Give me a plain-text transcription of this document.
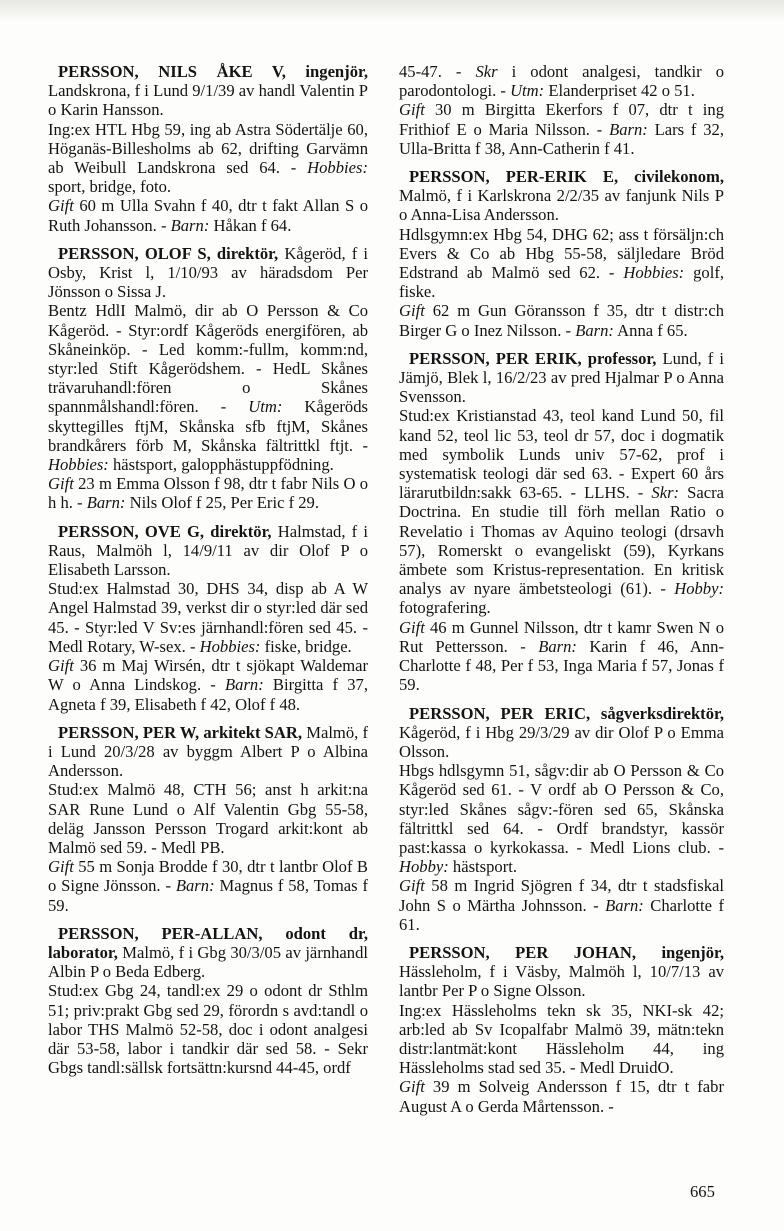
PERSSON, NILS ÅKE V, ingenjör, Landskrona, f i Lund 9/1/39 av handl Valentin P o Karin Hansson.
Ing:ex HTL Hbg 59, ing ab Astra Södertälje 60, Höganäs-Billesholms ab 62, drifting Garvämn ab Weibull Landskrona sed 64. - Hobbies: sport, bridge, foto.

Gift 60 m Ulla Svahn f 40, dtr t fakt Allan S o Ruth Johansson. - Barn: Håkan f 64.

PERSSON, OLOF S, direktör, Kågeröd, f i Osby, Krist l, 1/10/93 av häradsdom Per Jönsson o Sissa J.
Bentz HdlI Malmö, dir ab O Persson & Co Kågeröd. - Styr:ordf Kågeröds energifören, ab Skåneinköp. - Led komm:-fullm, komm:nd, styr:led Stift Kågerödshem. - HedL Skånes trävaruhandl:fören o Skånes spannmålshandl:fören. - Utm: Kågeröds skyttegilles ftjM, Skånska sfb ftjM, Skånes brandkårers förb M, Skånska fältrittkl ftjt. - Hobbies: hästsport, galopphästuppfödning.

Gift 23 m Emma Olsson f 98, dtr t fabr Nils O o h h. - Barn: Nils Olof f 25, Per Eric f 29.

PERSSON, OVE G, direktör, Halmstad, f i Raus, Malmöh l, 14/9/11 av dir Olof P o Elisabeth Larsson.
Stud:ex Halmstad 30, DHS 34, disp ab A W Angel Halmstad 39, verkst dir o styr:led där sed 45. - Styr:led V Sv:es järnhandl:fören sed 45. - Medl Rotary, W-sex. - Hobbies: fiske, bridge.

Gift 36 m Maj Wirsén, dtr t sjökapt Waldemar W o Anna Lindskog. - Barn: Birgitta f 37, Agneta f 39, Elisabeth f 42, Olof f 48.

PERSSON, PER W, arkitekt SAR, Malmö, f i Lund 20/3/28 av byggm Albert P o Albina Andersson.
Stud:ex Malmö 48, CTH 56; anst h arkit:na SAR Rune Lund o Alf Valentin Gbg 55-58, deläg Jansson Persson Trogard arkit:kont ab Malmö sed 59. - Medl PB.

Gift 55 m Sonja Brodde f 30, dtr t lantbr Olof B o Signe Jönsson. - Barn: Magnus f 58, Tomas f 59.

PERSSON, PER-ALLAN, odont dr, laborator, Malmö, f i Gbg 30/3/05 av järnhandl Albin P o Beda Edberg.
Stud:ex Gbg 24, tandl:ex 29 o odont dr Sthlm 51; priv:prakt Gbg sed 29, förordn s avd:tandl o labor THS Malmö 52-58, doc i odont analgesi där 53-58, labor i tandkir där sed 58. - Sekr Gbgs tandl:sällsk fortsättn:kursnd 44-45, ordf

45-47. - Skr i odont analgesi, tandkir o parodontologi. - Utm: Elanderpriset 42 o 51.

Gift 30 m Birgitta Ekerfors f 07, dtr t ing Frithiof E o Maria Nilsson. - Barn: Lars f 32, Ulla-Britta f 38, Ann-Catherin f 41.

PERSSON, PER-ERIK E, civilekonom, Malmö, f i Karlskrona 2/2/35 av fanjunk Nils P o Anna-Lisa Andersson.
Hdlsgymn:ex Hbg 54, DHG 62; ass t försäljn:ch Evers & Co ab Hbg 55-58, säljledare Bröd Edstrand ab Malmö sed 62. - Hobbies: golf, fiske.

Gift 62 m Gun Göransson f 35, dtr t distr:ch Birger G o Inez Nilsson. - Barn: Anna f 65.

PERSSON, PER ERIK, professor, Lund, f i Jämjö, Blek l, 16/2/23 av pred Hjalmar P o Anna Svensson.
Stud:ex Kristianstad 43, teol kand Lund 50, fil kand 52, teol lic 53, teol dr 57, doc i dogmatik med symbolik Lunds univ 57-62, prof i systematisk teologi där sed 63. - Expert 60 års lärarutbildn:sakk 63-65. - LLHS. - Skr: Sacra Doctrina. En studie till förh mellan Ratio o Revelatio i Thomas av Aquino teologi (drsavh 57), Romerskt o evangeliskt (59), Kyrkans ämbete som Kristus-representation. En kritisk analys av nyare ämbetsteologi (61). - Hobby: fotografering.

Gift 46 m Gunnel Nilsson, dtr t kamr Swen N o Rut Pettersson. - Barn: Karin f 46, Ann-Charlotte f 48, Per f 53, Inga Maria f 57, Jonas f 59.

PERSSON, PER ERIC, sågverksdirektör, Kågeröd, f i Hbg 29/3/29 av dir Olof P o Emma Olsson.
Hbgs hdlsgymn 51, sågv:dir ab O Persson & Co Kågeröd sed 61. - V ordf ab O Persson & Co, styr:led Skånes sågv:-fören sed 65, Skånska fältrittkl sed 64. - Ordf brandstyr, kassör past:kassa o kyrkokassa. - Medl Lions club. - Hobby: hästsport.

Gift 58 m Ingrid Sjögren f 34, dtr t stadsfiskal John S o Märtha Johnsson. - Barn: Charlotte f 61.

PERSSON, PER JOHAN, ingenjör, Hässleholm, f i Väsby, Malmöh l, 10/7/13 av lantbr Per P o Signe Olsson.
Ing:ex Hässleholms tekn sk 35, NKI-sk 42; arb:led ab Sv Icopalfabr Malmö 39, mätn:tekn distr:lantmät:kont Hässleholm 44, ing Hässleholms stad sed 35. - Medl DruidO.

Gift 39 m Solveig Andersson f 15, dtr t fabr August A o Gerda Mårtensson. -

665
